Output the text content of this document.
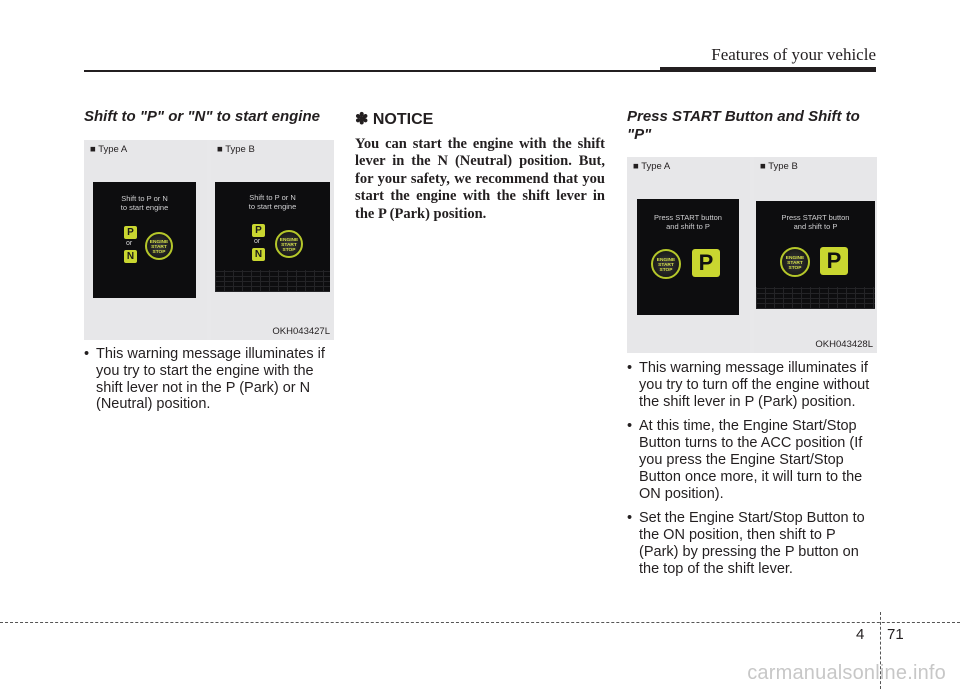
Features of your vehicle
Shift to "P" or "N" to start engine
■ Type A
Shift to P or N
to start engine
P
or
N
ENGINE
START
STOP
■ Type B
Shift to P or N
to start engine
P
or
N
ENGINE
START
STOP
OKH043427L
• This warning message illuminates if you try to start the engine with the shift lever not in the P (Park) or N (Neutral) position.
✽ NOTICE

You can start the engine with the shift lever in the N (Neutral) position. But, for your safety, we recommend that you start the engine with the shift lever in the P (Park) position.

Press START Button and Shift to "P"
■ Type A
Press START button
and shift to P
ENGINE
START
STOP	P
■ Type B
Press START button
and shift to P
ENGINE
START
STOP	P
OKH043428L
• This warning message illuminates if you try to turn off the engine without the shift lever in P (Park) position.
• At this time, the Engine Start/Stop Button turns to the ACC position (If you press the Engine Start/Stop Button once more, it will turn to the ON position).
• Set the Engine Start/Stop Button to the ON position, then shift to P (Park) by pressing the P button on the top of the shift lever.
4 71
carmanualsonline.info
